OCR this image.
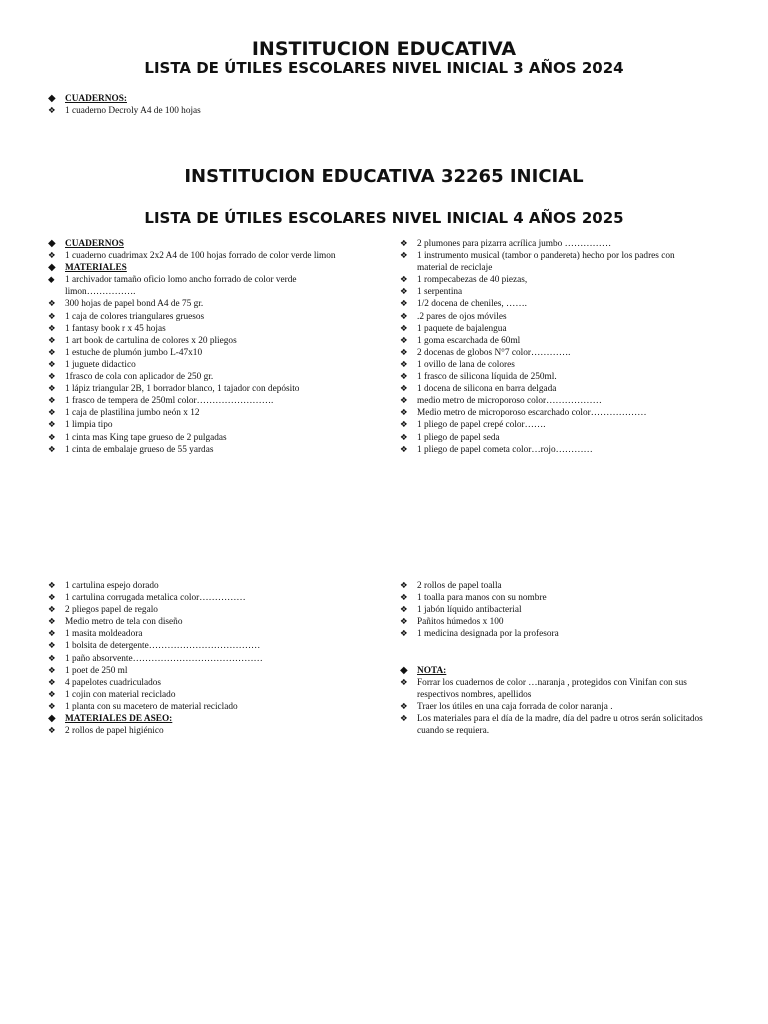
INSTITUCION EDUCATIVA
LISTA DE ÚTILES ESCOLARES NIVEL INICIAL 3 AÑOS 2024
◆ CUADERNOS:
❖	1 cuaderno Decroly A4 de 100 hojas
INSTITUCION EDUCATIVA 32265 INICIAL
LISTA DE ÚTILES ESCOLARES NIVEL INICIAL 4 AÑOS 2025
◆ CUADERNOS
❖	1 cuaderno cuadrimax 2x2 A4 de 100 hojas forrado de color verde limon
◆ MATERIALES
◆	1 archivador tamaño oficio lomo ancho forrado de color verde limon…………….
❖	300 hojas de papel bond A4 de 75 gr.
❖	1 caja de colores triangulares gruesos
❖	1 fantasy book r x 45 hojas
❖	1 art book de cartulina de colores x 20 pliegos
❖	1 estuche de plumón jumbo L-47x10
❖	1 juguete didactico
❖	1frasco de cola con aplicador de 250 gr.
❖	1 lápiz triangular 2B, 1 borrador blanco, 1 tajador con depósito
❖	1 frasco de tempera de 250ml color…………………….
❖	1 caja de plastilina jumbo neón x 12
❖	1 limpia tipo
❖	1 cinta mas King tape grueso de 2 pulgadas
❖	1 cinta de embalaje grueso de 55 yardas
❖	2 plumones para pizarra acrílica jumbo ……………
❖	1 instrumento musical (tambor o pandereta) hecho por los padres con material de reciclaje
❖	1 rompecabezas de 40 piezas,
❖	1 serpentina
❖	1/2 docena de cheniles, …….
❖	.2 pares de ojos móviles
❖	1 paquete de bajalengua
❖	1 goma escarchada de 60ml
❖	2 docenas de globos N°7 color………….
❖	1 ovillo de lana de colores
❖	1 frasco de silicona líquida de 250ml.
❖	1 docena de silicona en barra delgada
❖	medio metro de microporoso color………………
❖	Medio metro de microporoso escarchado color………………
❖	1 pliego de papel crepé color…….
❖	1 pliego de papel seda
❖	1 pliego de papel cometa color…rojo…………
❖	1 cartulina espejo dorado
❖	1 cartulina corrugada metalica color……………
❖	2 pliegos papel de regalo
❖	Medio metro de tela con diseño
❖	1 masita moldeadora
❖	1 bolsita de detergente………………………………
❖	1 paño absorvente……………………………………
❖	1 poet de 250 ml
❖	4 papelotes cuadriculados
❖	1 cojin con material reciclado
❖	1 planta con su macetero de material reciclado
◆ MATERIALES DE ASEO:
❖	2 rollos de papel higiénico
❖	2 rollos de papel toalla
❖	1 toalla para manos con su nombre
❖	1 jabón líquido antibacterial
❖	Pañitos húmedos x 100
❖	1 medicina designada por la profesora
◆ NOTA:
❖	Forrar los cuadernos de color …naranja , protegidos con Vinifan con sus respectivos nombres, apellidos
❖	Traer los útiles en una caja forrada de color naranja .
❖	Los materiales para el día de la madre, día del padre u otros serán solicitados cuando se requiera.
